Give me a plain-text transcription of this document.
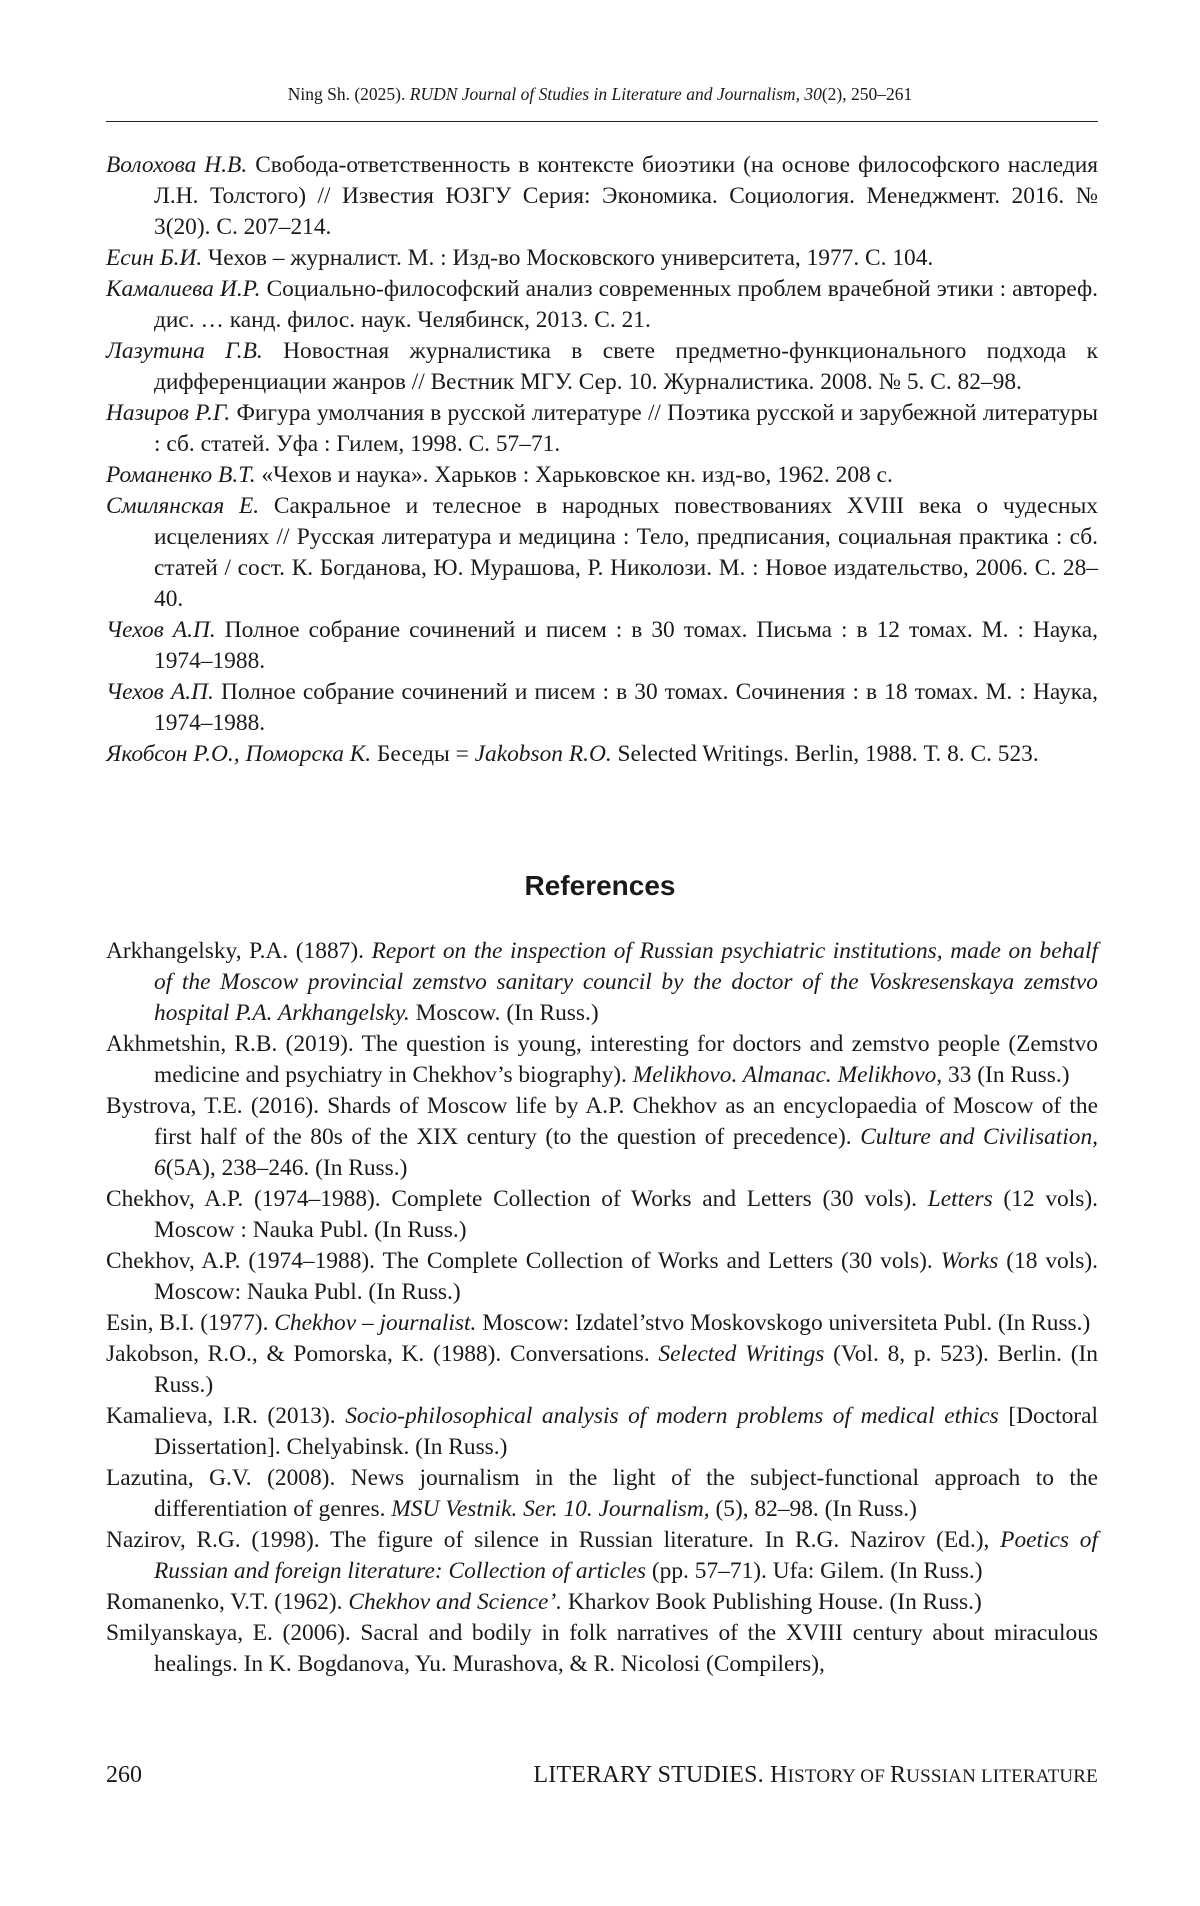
Ning Sh. (2025). RUDN Journal of Studies in Literature and Journalism, 30(2), 250–261

Волохова Н.В. Свобода-ответственность в контексте биоэтики (на основе философского наследия Л.Н. Толстого) // Известия ЮЗГУ Серия: Экономика. Социология. Менеджмент. 2016. № 3(20). С. 207–214.

Есин Б.И. Чехов – журналист. М. : Изд-во Московского университета, 1977. С. 104.

Камалиева И.Р. Социально-философский анализ современных проблем врачебной этики : автореф. дис. … канд. филос. наук. Челябинск, 2013. С. 21.

Лазутина Г.В. Новостная журналистика в свете предметно-функционального подхода к дифференциации жанров // Вестник МГУ. Сер. 10. Журналистика. 2008. № 5. С. 82–98.

Назиров Р.Г. Фигура умолчания в русской литературе // Поэтика русской и зарубежной литературы : сб. статей. Уфа : Гилем, 1998. С. 57–71.

Романенко В.Т. «Чехов и наука». Харьков : Харьковское кн. изд-во, 1962. 208 с.

Смилянская Е. Сакральное и телесное в народных повествованиях XVIII века о чудесных исцелениях // Русская литература и медицина : Тело, предписания, социальная практика : сб. статей / сост. К. Богданова, Ю. Мурашова, Р. Николози. М. : Новое издательство, 2006. С. 28–40.

Чехов А.П. Полное собрание сочинений и писем : в 30 томах. Письма : в 12 томах. М. : Наука, 1974–1988.

Чехов А.П. Полное собрание сочинений и писем : в 30 томах. Сочинения : в 18 томах. М. : Наука, 1974–1988.

Якобсон Р.О., Поморска К. Беседы = Jakobson R.O. Selected Writings. Berlin, 1988. Т. 8. С. 523.

References

Arkhangelsky, P.A. (1887). Report on the inspection of Russian psychiatric institutions, made on behalf of the Moscow provincial zemstvo sanitary council by the doctor of the Voskresenskaya zemstvo hospital P.A. Arkhangelsky. Moscow. (In Russ.)

Akhmetshin, R.B. (2019). The question is young, interesting for doctors and zemstvo people (Zemstvo medicine and psychiatry in Chekhov’s biography). Melikhovo. Almanac. Melikhovo, 33 (In Russ.)

Bystrova, T.E. (2016). Shards of Moscow life by A.P. Chekhov as an encyclopaedia of Moscow of the first half of the 80s of the XIX century (to the question of precedence). Culture and Civilisation, 6(5A), 238–246. (In Russ.)

Chekhov, A.P. (1974–1988). Complete Collection of Works and Letters (30 vols). Letters (12 vols). Moscow : Nauka Publ. (In Russ.)

Chekhov, A.P. (1974–1988). The Complete Collection of Works and Letters (30 vols). Works (18 vols). Moscow: Nauka Publ. (In Russ.)

Esin, B.I. (1977). Chekhov – journalist. Moscow: Izdatel’stvo Moskovskogo universiteta Publ. (In Russ.)

Jakobson, R.O., & Pomorska, K. (1988). Conversations. Selected Writings (Vol. 8, p. 523). Berlin. (In Russ.)

Kamalieva, I.R. (2013). Socio-philosophical analysis of modern problems of medical ethics [Doctoral Dissertation]. Chelyabinsk. (In Russ.)

Lazutina, G.V. (2008). News journalism in the light of the subject-functional approach to the differentiation of genres. MSU Vestnik. Ser. 10. Journalism, (5), 82–98. (In Russ.)

Nazirov, R.G. (1998). The figure of silence in Russian literature. In R.G. Nazirov (Ed.), Poetics of Russian and foreign literature: Collection of articles (pp. 57–71). Ufa: Gilem. (In Russ.)

Romanenko, V.T. (1962). Chekhov and Science’. Kharkov Book Publishing House. (In Russ.)

Smilyanskaya, E. (2006). Sacral and bodily in folk narratives of the XVIII century about miraculous healings. In K. Bogdanova, Yu. Murashova, & R. Nicolosi (Compilers),

260	LITERARY STUDIES. HISTORY OF RUSSIAN LITERATURE
